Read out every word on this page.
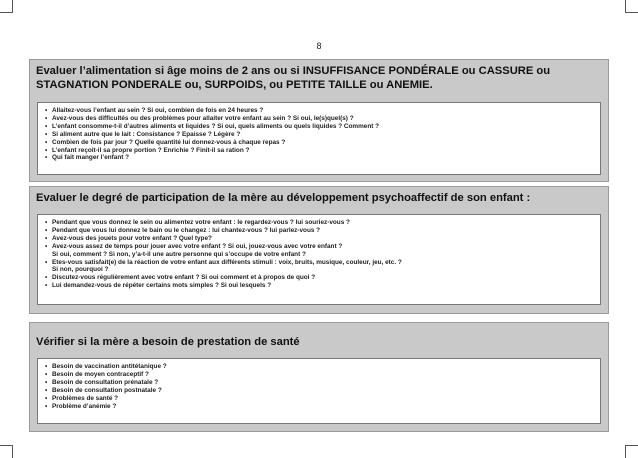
8
Evaluer l’alimentation si âge moins de 2 ans ou si INSUFFISANCE PONDÉRALE ou CASSURE ou
STAGNATION PONDERALE ou, SURPOIDS, ou PETITE TAILLE ou ANEMIE.
• Allaitez-vous l’enfant au sein ? Si oui, combien de fois en 24 heures ?
• Avez-vous des difficultés ou des problèmes pour allaiter votre enfant au sein ? Si oui, le(s)quel(s) ?
• L’enfant consomme-t-il d’autres aliments et liquides ? Si oui, quels aliments ou quels liquides ? Comment ?
• Si aliment autre que le lait : Consistance ? Epaisse ? Légère ?
• Combien de fois par jour ? Quelle quantité lui donnez-vous à chaque repas ?
• L’enfant reçoit-il sa propre portion ? Enrichie ? Finit-il sa ration ?
• Qui fait manger l’enfant ?
Evaluer le degré de participation de la mère au développement psychoaffectif de son enfant :
• Pendant que vous donnez le sein ou alimentez votre enfant : le regardez-vous ? lui souriez-vous ?
• Pendant que vous lui donnez le bain ou le changez : lui chantez-vous ? lui parlez-vous ?
• Avez-vous des jouets pour votre enfant ? Quel type?
• Avez-vous assez de temps pour jouer avec votre enfant ? Si oui, jouez-vous avec votre enfant ?
Si oui, comment ? Si non, y’a-t-il une autre personne qui s’occupe de votre enfant ?
• Etes-vous satisfait(e) de la réaction de votre enfant aux différents stimuli : voix, bruits, musique, couleur, jeu, etc. ?
Si non, pourquoi ?
• Discutez-vous régulièrement avec votre enfant ? Si oui comment et à propos de quoi ?
• Lui demandez-vous de répéter certains mots simples ? Si oui lesquels ?
Vérifier si la mère a besoin de prestation de santé
• Besoin de vaccination antitétanique ?
• Besoin de moyen contraceptif ?
• Besoin de consultation prénatale ?
• Besoin de consultation postnatale ?
• Problèmes de santé ?
• Problème d’anémie ?
